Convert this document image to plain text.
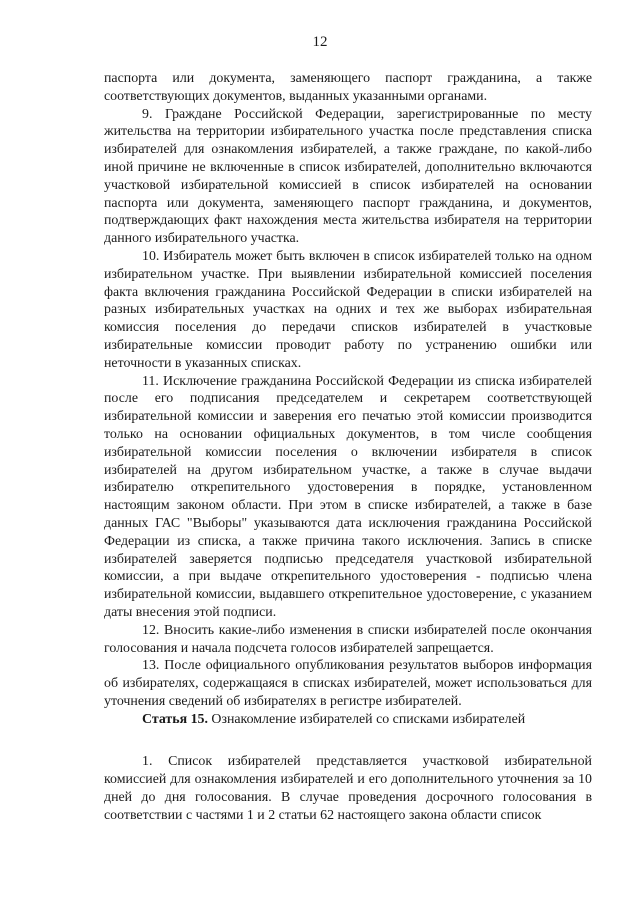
12

паспорта или документа, заменяющего паспорт гражданина, а также соответствующих документов, выданных указанными органами.

9. Граждане Российской Федерации, зарегистрированные по месту жительства на территории избирательного участка после представления списка избирателей для ознакомления избирателей, а также граждане, по какой-либо иной причине не включенные в список избирателей, дополнительно включаются участковой избирательной комиссией в список избирателей на основании паспорта или документа, заменяющего паспорт гражданина, и документов, подтверждающих факт нахождения места жительства избирателя на территории данного избирательного участка.

10. Избиратель может быть включен в список избирателей только на одном избирательном участке. При выявлении избирательной комиссией поселения факта включения гражданина Российской Федерации в списки избирателей на разных избирательных участках на одних и тех же выборах избирательная комиссия поселения до передачи списков избирателей в участковые избирательные комиссии проводит работу по устранению ошибки или неточности в указанных списках.

11. Исключение гражданина Российской Федерации из списка избирателей после его подписания председателем и секретарем соответствующей избирательной комиссии и заверения его печатью этой комиссии производится только на основании официальных документов, в том числе сообщения избирательной комиссии поселения о включении избирателя в список избирателей на другом избирательном участке, а также в случае выдачи избирателю открепительного удостоверения в порядке, установленном настоящим законом области. При этом в списке избирателей, а также в базе данных ГАС "Выборы" указываются дата исключения гражданина Российской Федерации из списка, а также причина такого исключения. Запись в списке избирателей заверяется подписью председателя участковой избирательной комиссии, а при выдаче открепительного удостоверения - подписью члена избирательной комиссии, выдавшего открепительное удостоверение, с указанием даты внесения этой подписи.

12. Вносить какие-либо изменения в списки избирателей после окончания голосования и начала подсчета голосов избирателей запрещается.

13. После официального опубликования результатов выборов информация об избирателях, содержащаяся в списках избирателей, может использоваться для уточнения сведений об избирателях в регистре избирателей.

Статья 15. Ознакомление избирателей со списками избирателей

1. Список избирателей представляется участковой избирательной комиссией для ознакомления избирателей и его дополнительного уточнения за 10 дней до дня голосования. В случае проведения досрочного голосования в соответствии с частями 1 и 2 статьи 62 настоящего закона области список
